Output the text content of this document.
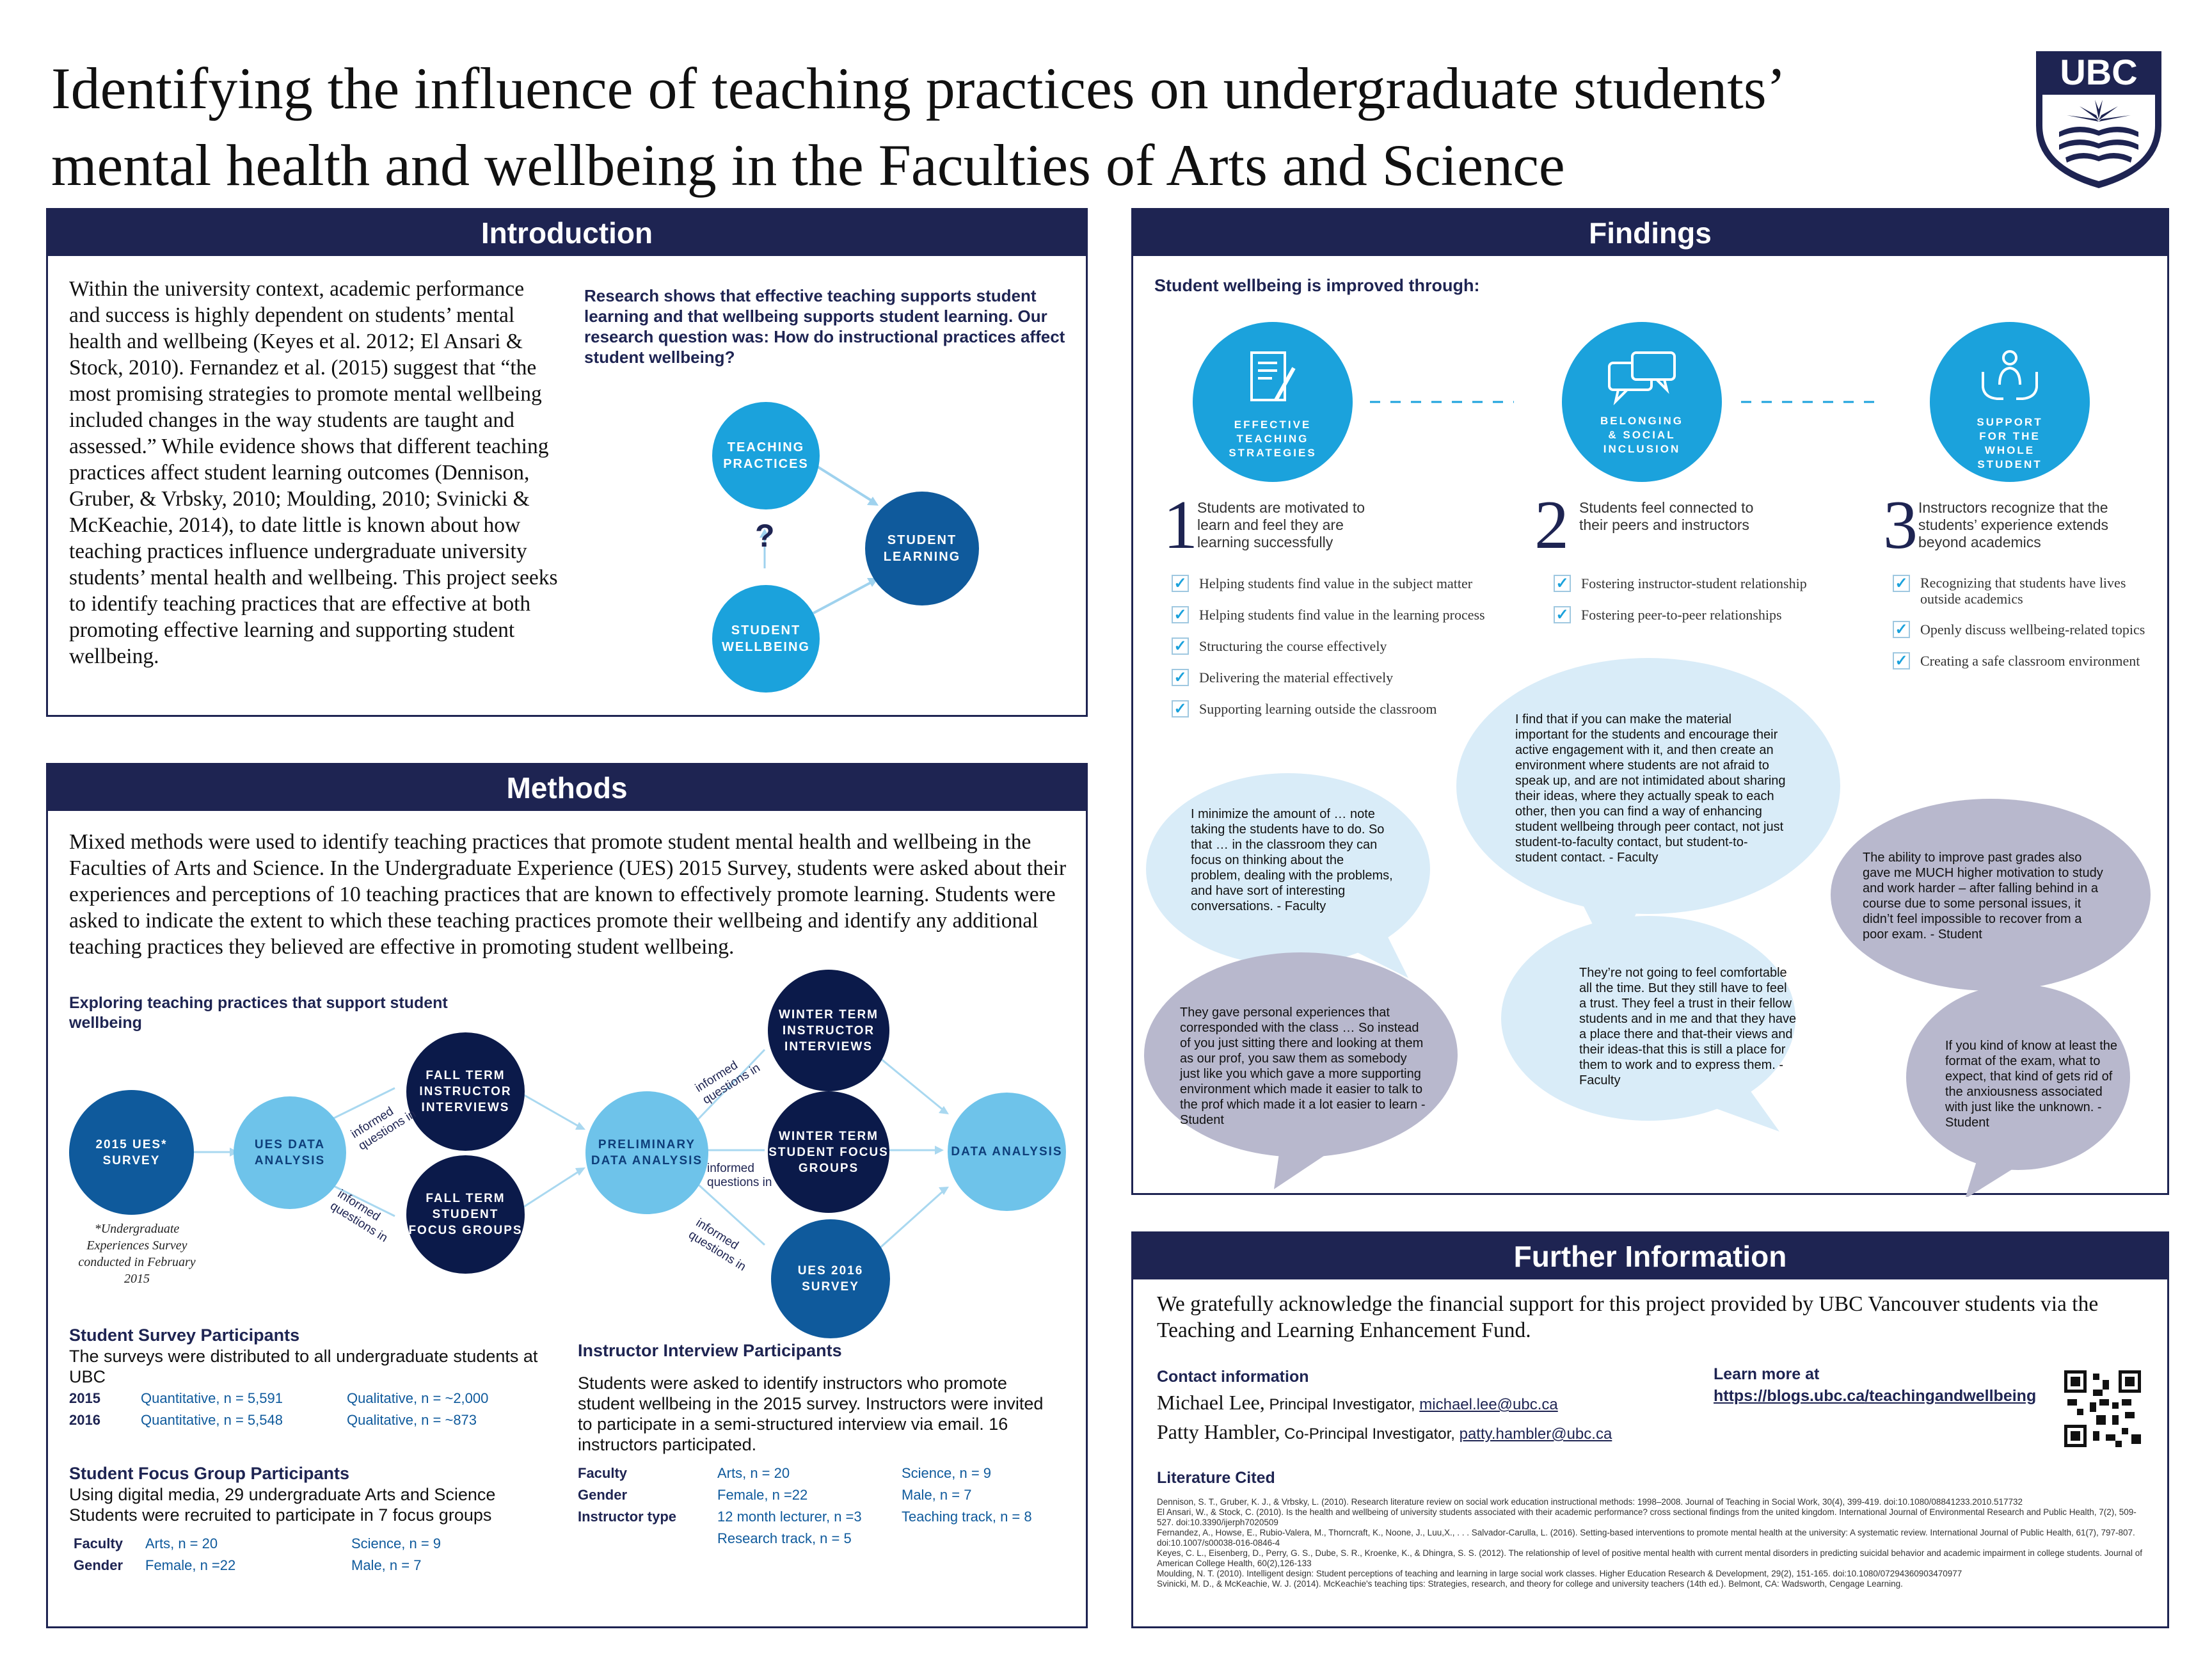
Identifying the influence of teaching practices on undergraduate students’
mental health and wellbeing in the Faculties of Arts and Science
UBC
Introduction
Within the university context, academic performance and success is highly dependent on students’ mental health and wellbeing (Keyes et al. 2012; El Ansari & Stock, 2010). Fernandez et al. (2015) suggest that “the most promising strategies to promote mental wellbeing included changes in the way students are taught and assessed.” While evidence shows that different teaching practices affect student learning outcomes (Dennison, Gruber, & Vrbsky, 2010; Moulding, 2010; Svinicki & McKeachie, 2014), to date little is known about how teaching practices influence undergraduate university students’ mental health and wellbeing. This project seeks to identify teaching practices that are effective at both promoting effective learning and supporting student wellbeing.
Research shows that effective teaching supports student learning and that wellbeing supports student learning. Our research question was: How do instructional practices affect student wellbeing?
TEACHING PRACTICES
STUDENT LEARNING
STUDENT WELLBEING
?
Methods
Mixed methods were used to identify teaching practices that promote student mental health and wellbeing in the Faculties of Arts and Science. In the Undergraduate Experience (UES) 2015 Survey, students were asked about their experiences and perceptions of 10 teaching practices that are known to effectively promote learning. Students were asked to indicate the extent to which these teaching practices promote their wellbeing and identify any additional teaching practices they believed are effective in promoting student wellbeing.
Exploring teaching practices that support student wellbeing
2015 UES* SURVEY
UES DATA ANALYSIS
FALL TERM INSTRUCTOR INTERVIEWS
FALL TERM STUDENT FOCUS GROUPS
PRELIMINARY DATA ANALYSIS
WINTER TERM INSTRUCTOR INTERVIEWS
WINTER TERM STUDENT FOCUS GROUPS
UES 2016 SURVEY
DATA ANALYSIS
informed questions in
informed questions in
informed questions in
informed questions in
informed questions in
*Undergraduate Experiences Survey conducted in February 2015
Student Survey Participants
The surveys were distributed to all undergraduate students at UBC
2015	Quantitative, n = 5,591	Qualitative, n = ~2,000
2016	Quantitative, n = 5,548	Qualitative, n = ~873
Student Focus Group Participants
Using digital media, 29 undergraduate Arts and Science Students were recruited to participate in 7 focus groups
Faculty	Arts, n = 20	Science, n = 9
Gender	Female, n =22	Male, n = 7
Instructor Interview Participants
Students were asked to identify instructors who promote student wellbeing in the 2015 survey. Instructors were invited to participate in a semi-structured interview via email. 16 instructors participated.
Faculty	Arts, n = 20	Science, n = 9
Gender	Female, n =22	Male, n = 7
Instructor type	12 month lecturer, n =3	Teaching track, n = 8
	Research track, n = 5	
Findings
Student wellbeing is improved through:
EFFECTIVE TEACHING STRATEGIES
BELONGING & SOCIAL INCLUSION
SUPPORT FOR THE WHOLE STUDENT
1 Students are motivated to learn and feel they are learning successfully	2 Students feel connected to their peers and instructors	3 Instructors recognize that the students’ experience extends beyond academics
✓ Helping students find value in the subject matter
✓ Helping students find value in the learning process
✓ Structuring the course effectively
✓ Delivering the material effectively
✓ Supporting learning outside the classroom
✓ Fostering instructor-student relationship
✓ Fostering peer-to-peer relationships
✓ Recognizing that students have lives outside academics
✓ Openly discuss wellbeing-related topics
✓ Creating a safe classroom environment
I minimize the amount of … note taking the students have to do. So that … in the classroom they can focus on thinking about the problem, dealing with the problems, and have sort of interesting conversations. - Faculty
I find that if you can make the material important for the students and encourage their active engagement with it, and then create an environment where students are not afraid to speak up, and are not intimidated about sharing their ideas, where they actually speak to each other, then you can find a way of enhancing student wellbeing through peer contact, not just student-to-faculty contact, but student-to-student contact. - Faculty	The ability to improve past grades also gave me MUCH higher motivation to study and work harder – after falling behind in a course due to some personal issues, it didn’t feel impossible to recover from a poor exam. - Student
They gave personal experiences that corresponded with the class … So instead of you just sitting there and looking at them as our prof, you saw them as somebody just like you which gave a more supporting environment which made it easier to talk to the prof which made it a lot easier to learn - Student
They’re not going to feel comfortable all the time. But they still have to feel a trust. They feel a trust in their fellow students and in me and that they have a place there and that-their views and their ideas-that this is still a place for them to work and to express them. - Faculty
If you kind of know at least the format of the exam, what to expect, that kind of gets rid of the anxiousness associated with just like the unknown. - Student
Further Information
We gratefully acknowledge the financial support for this project provided by UBC Vancouver students via the Teaching and Learning Enhancement Fund.
Contact information
Michael Lee, Principal Investigator, michael.lee@ubc.ca
Patty Hambler, Co-Principal Investigator, patty.hambler@ubc.ca
Learn more at
https://blogs.ubc.ca/teachingandwellbeing
Literature Cited
Dennison, S. T., Gruber, K. J., & Vrbsky, L. (2010). Research literature review on social work education instructional methods: 1998–2008. Journal of Teaching in Social Work, 30(4), 399-419. doi:10.1080/08841233.2010.517732
El Ansari, W., & Stock, C. (2010). Is the health and wellbeing of university students associated with their academic performance? cross sectional findings from the united kingdom. International Journal of Environmental Research and Public Health, 7(2), 509-527. doi:10.3390/ijerph7020509
Fernandez, A., Howse, E., Rubio-Valera, M., Thorncraft, K., Noone, J., Luu,X., . . . Salvador-Carulla, L. (2016). Setting-based interventions to promote mental health at the university: A systematic review. International Journal of Public Health, 61(7), 797-807. doi:10.1007/s00038-016-0846-4
Keyes, C. L., Eisenberg, D., Perry, G. S., Dube, S. R., Kroenke, K., & Dhingra, S. S. (2012). The relationship of level of positive mental health with current mental disorders in predicting suicidal behavior and academic impairment in college students. Journal of American College Health, 60(2),126-133
Moulding, N. T. (2010). Intelligent design: Student perceptions of teaching and learning in large social work classes. Higher Education Research & Development, 29(2), 151-165. doi:10.1080/07294360903470977
Svinicki, M. D., & McKeachie, W. J. (2014). McKeachie's teaching tips: Strategies, research, and theory for college and university teachers (14th ed.). Belmont, CA: Wadsworth, Cengage Learning.
